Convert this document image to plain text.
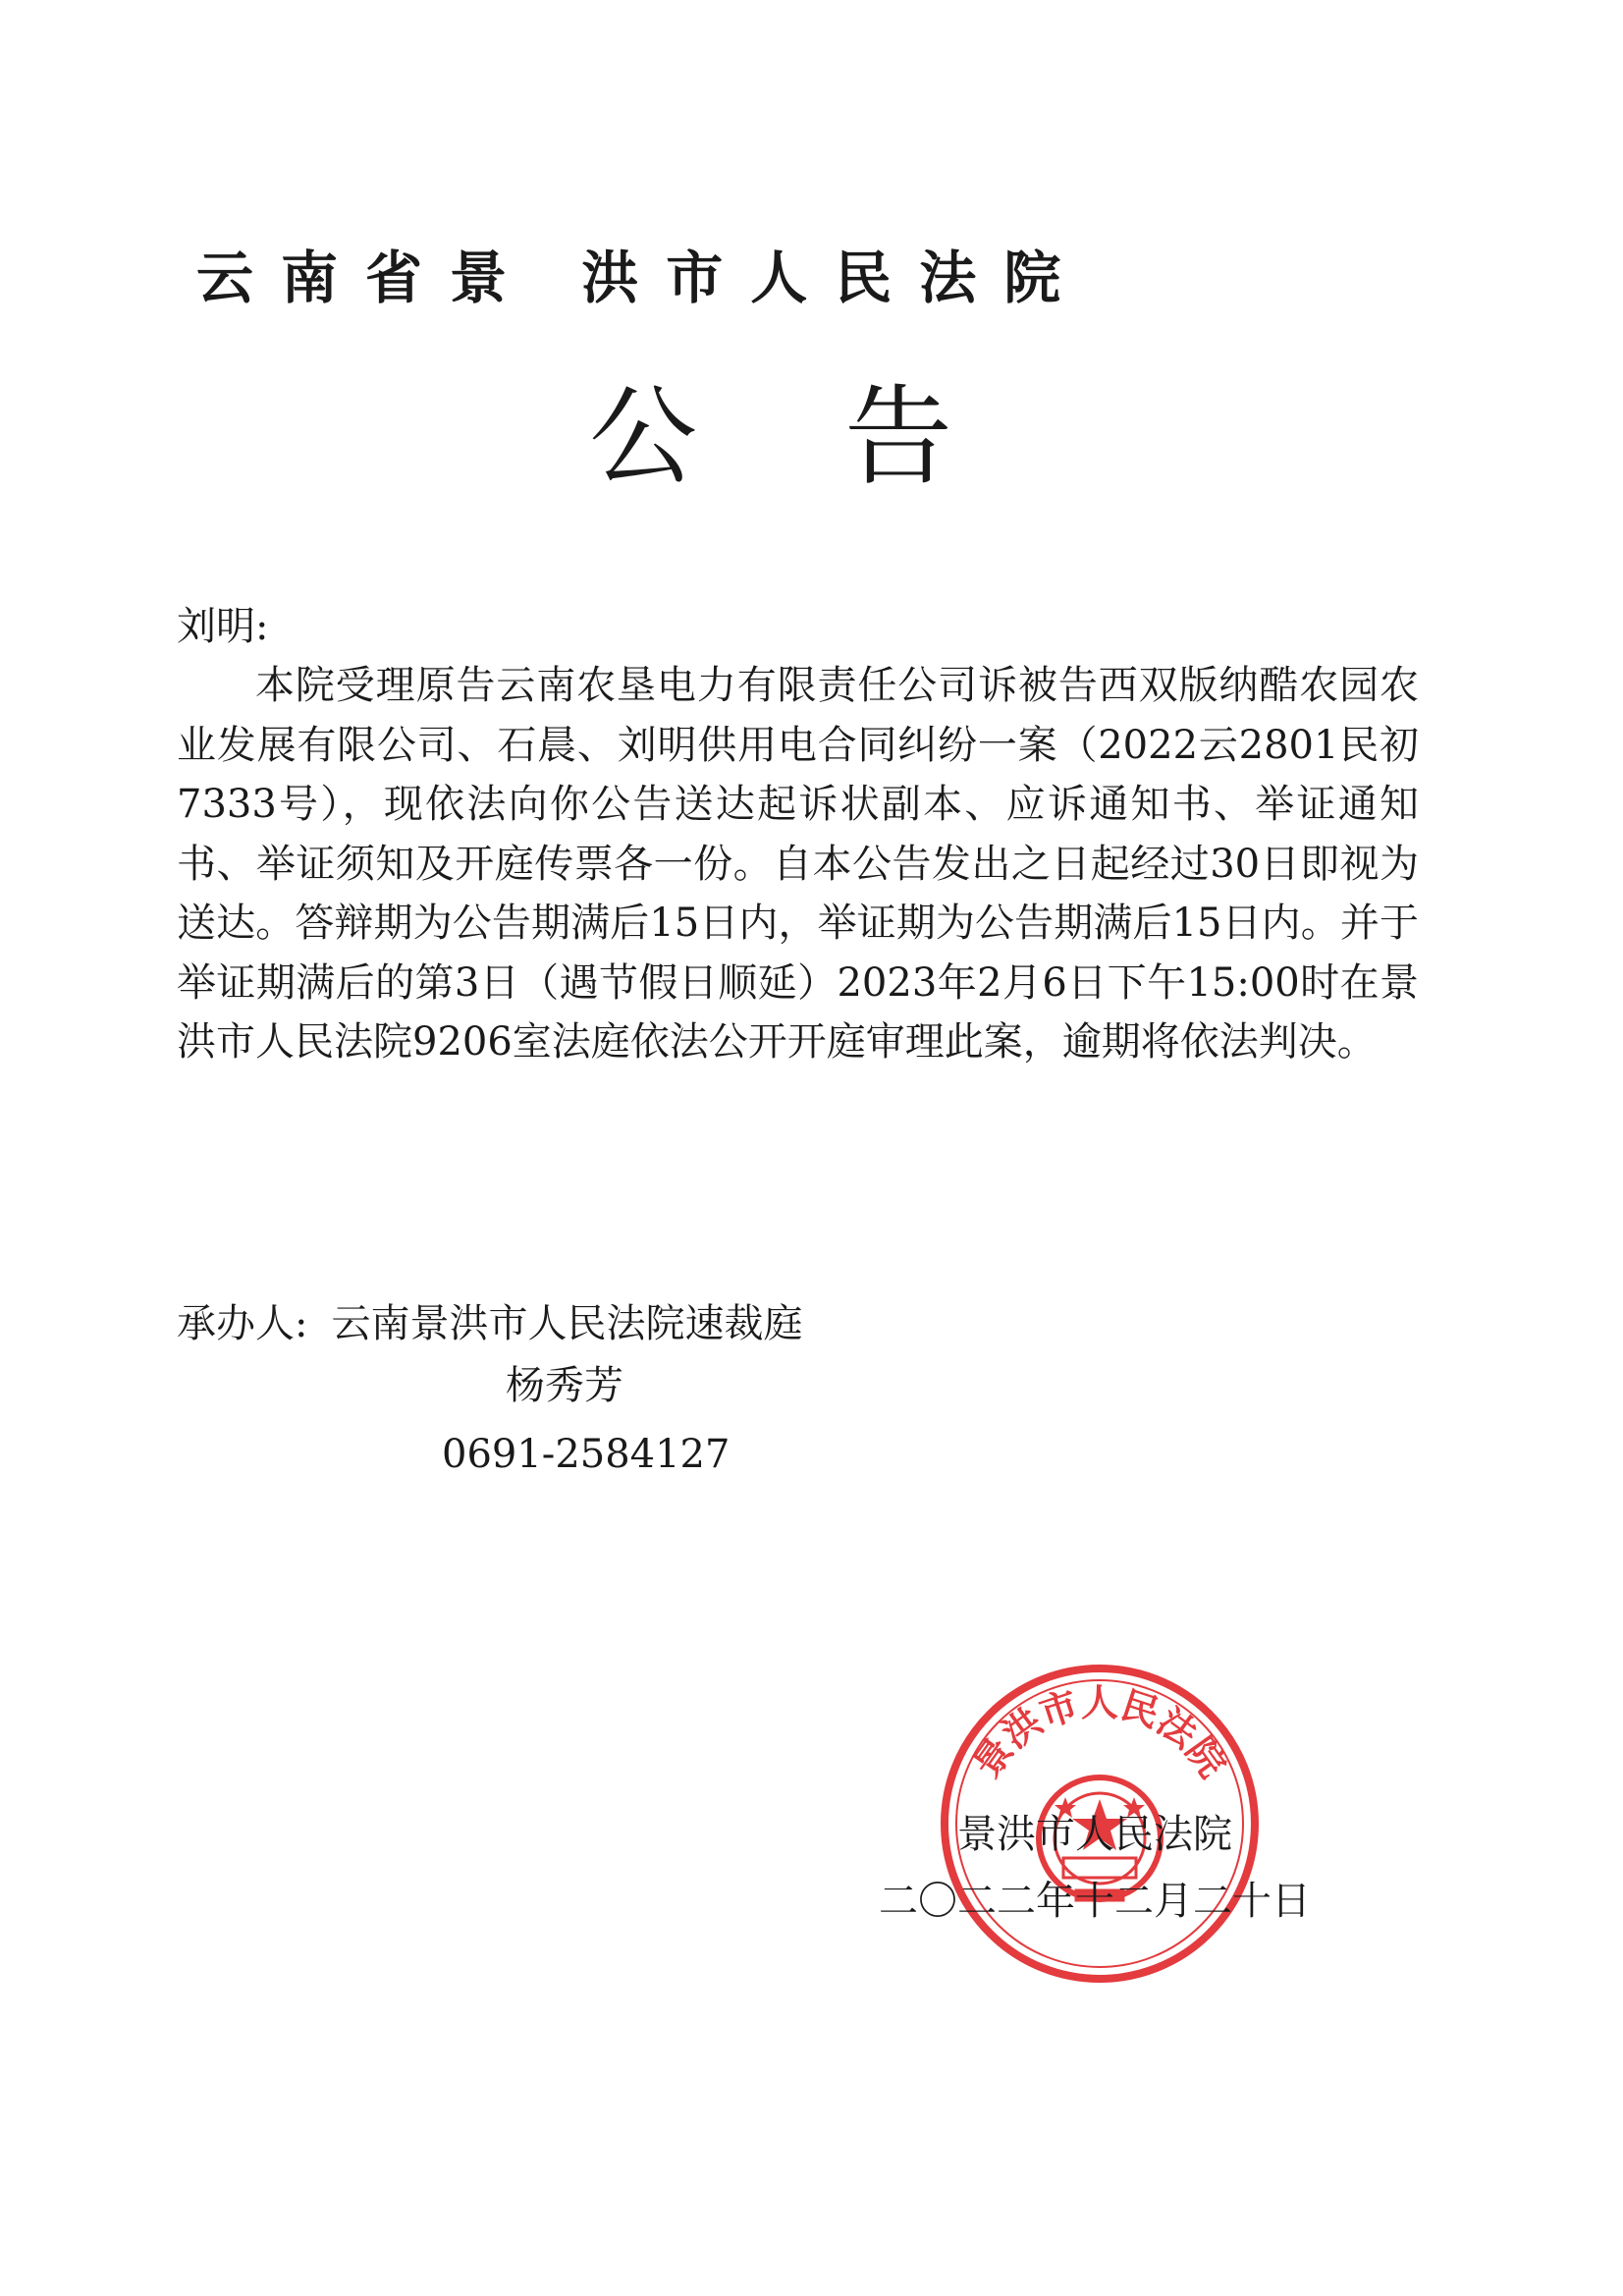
云南省景 洪市人民法院
公告
刘明:
本院受理原告云南农垦电力有限责任公司诉被告西双版纳酷农园农业发展有限公司、石晨、刘明供用电合同纠纷一案（2022云2801民初7333号），现依法向你公告送达起诉状副本、应诉通知书、举证通知书、举证须知及开庭传票各一份。自本公告发出之日起经过30日即视为送达。答辩期为公告期满后15日内，举证期为公告期满后15日内。并于举证期满后的第3日（遇节假日顺延）2023年2月6日下午15:00时在景洪市人民法院9206室法庭依法公开开庭审理此案，逾期将依法判决。
承办人: 云南景洪市人民法院速裁庭
杨秀芳
0691-2584127
景洪市人民法院
景洪市人民法院
二〇二二年十二月二十日
